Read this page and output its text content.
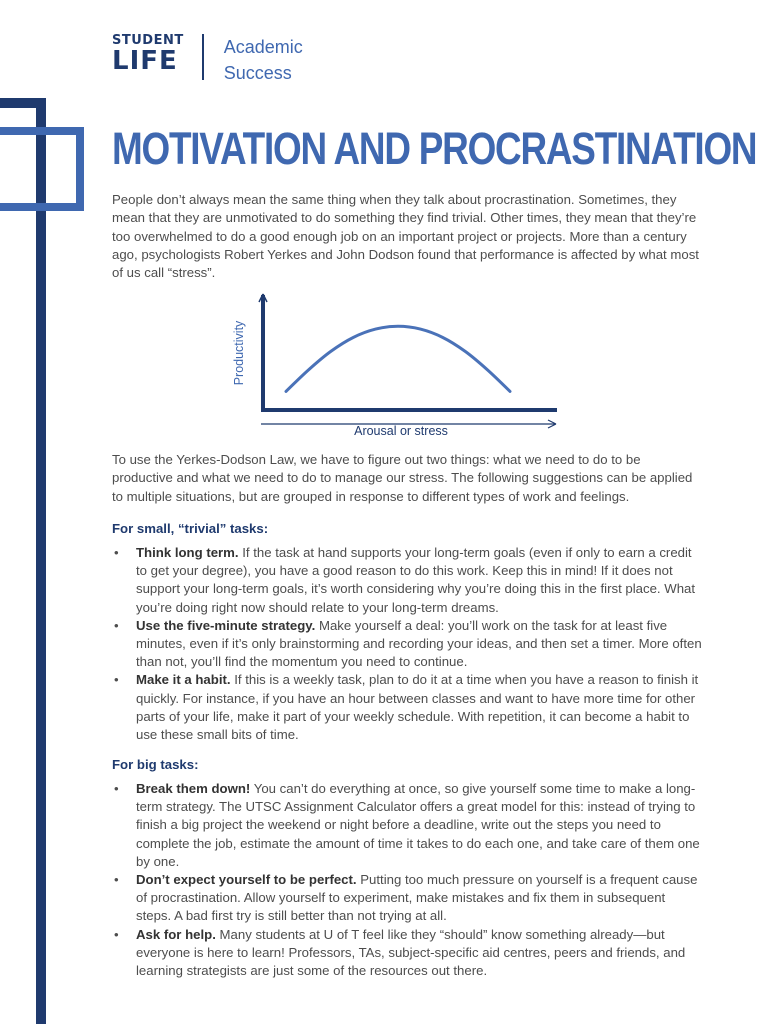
STUDENT
LIFE	Academic
Success
MOTIVATION AND PROCRASTINATION

People don’t always mean the same thing when they talk about procrastination. Sometimes, they mean that they are unmotivated to do something they find trivial. Other times, they mean that they’re too overwhelmed to do a good enough job on an important project or projects. More than a century ago, psychologists Robert Yerkes and John Dodson found that performance is affected by what most of us call “stress”.

Productivity
Arousal or stress

To use the Yerkes-Dodson Law, we have to figure out two things: what we need to do to be productive and what we need to do to manage our stress. The following suggestions can be applied to multiple situations, but are grouped in response to different types of work and feelings.

For small, “trivial” tasks:
• Think long term. If the task at hand supports your long-term goals (even if only to earn a credit to get your degree), you have a good reason to do this work. Keep this in mind! If it does not support your long-term goals, it’s worth considering why you’re doing this in the first place. What you’re doing right now should relate to your long-term dreams.
• Use the five-minute strategy. Make yourself a deal: you’ll work on the task for at least five minutes, even if it’s only brainstorming and recording your ideas, and then set a timer. More often than not, you’ll find the momentum you need to continue.
• Make it a habit. If this is a weekly task, plan to do it at a time when you have a reason to finish it quickly. For instance, if you have an hour between classes and want to have more time for other parts of your life, make it part of your weekly schedule. With repetition, it can become a habit to use these small bits of time.
For big tasks:
• Break them down! You can’t do everything at once, so give yourself some time to make a long-term strategy. The UTSC Assignment Calculator offers a great model for this: instead of trying to finish a big project the weekend or night before a deadline, write out the steps you need to complete the job, estimate the amount of time it takes to do each one, and take care of them one by one.
• Don’t expect yourself to be perfect. Putting too much pressure on yourself is a frequent cause of procrastination. Allow yourself to experiment, make mistakes and fix them in subsequent steps. A bad first try is still better than not trying at all.
• Ask for help. Many students at U of T feel like they “should” know something already—but everyone is here to learn! Professors, TAs, subject-specific aid centres, peers and friends, and learning strategists are just some of the resources out there.
